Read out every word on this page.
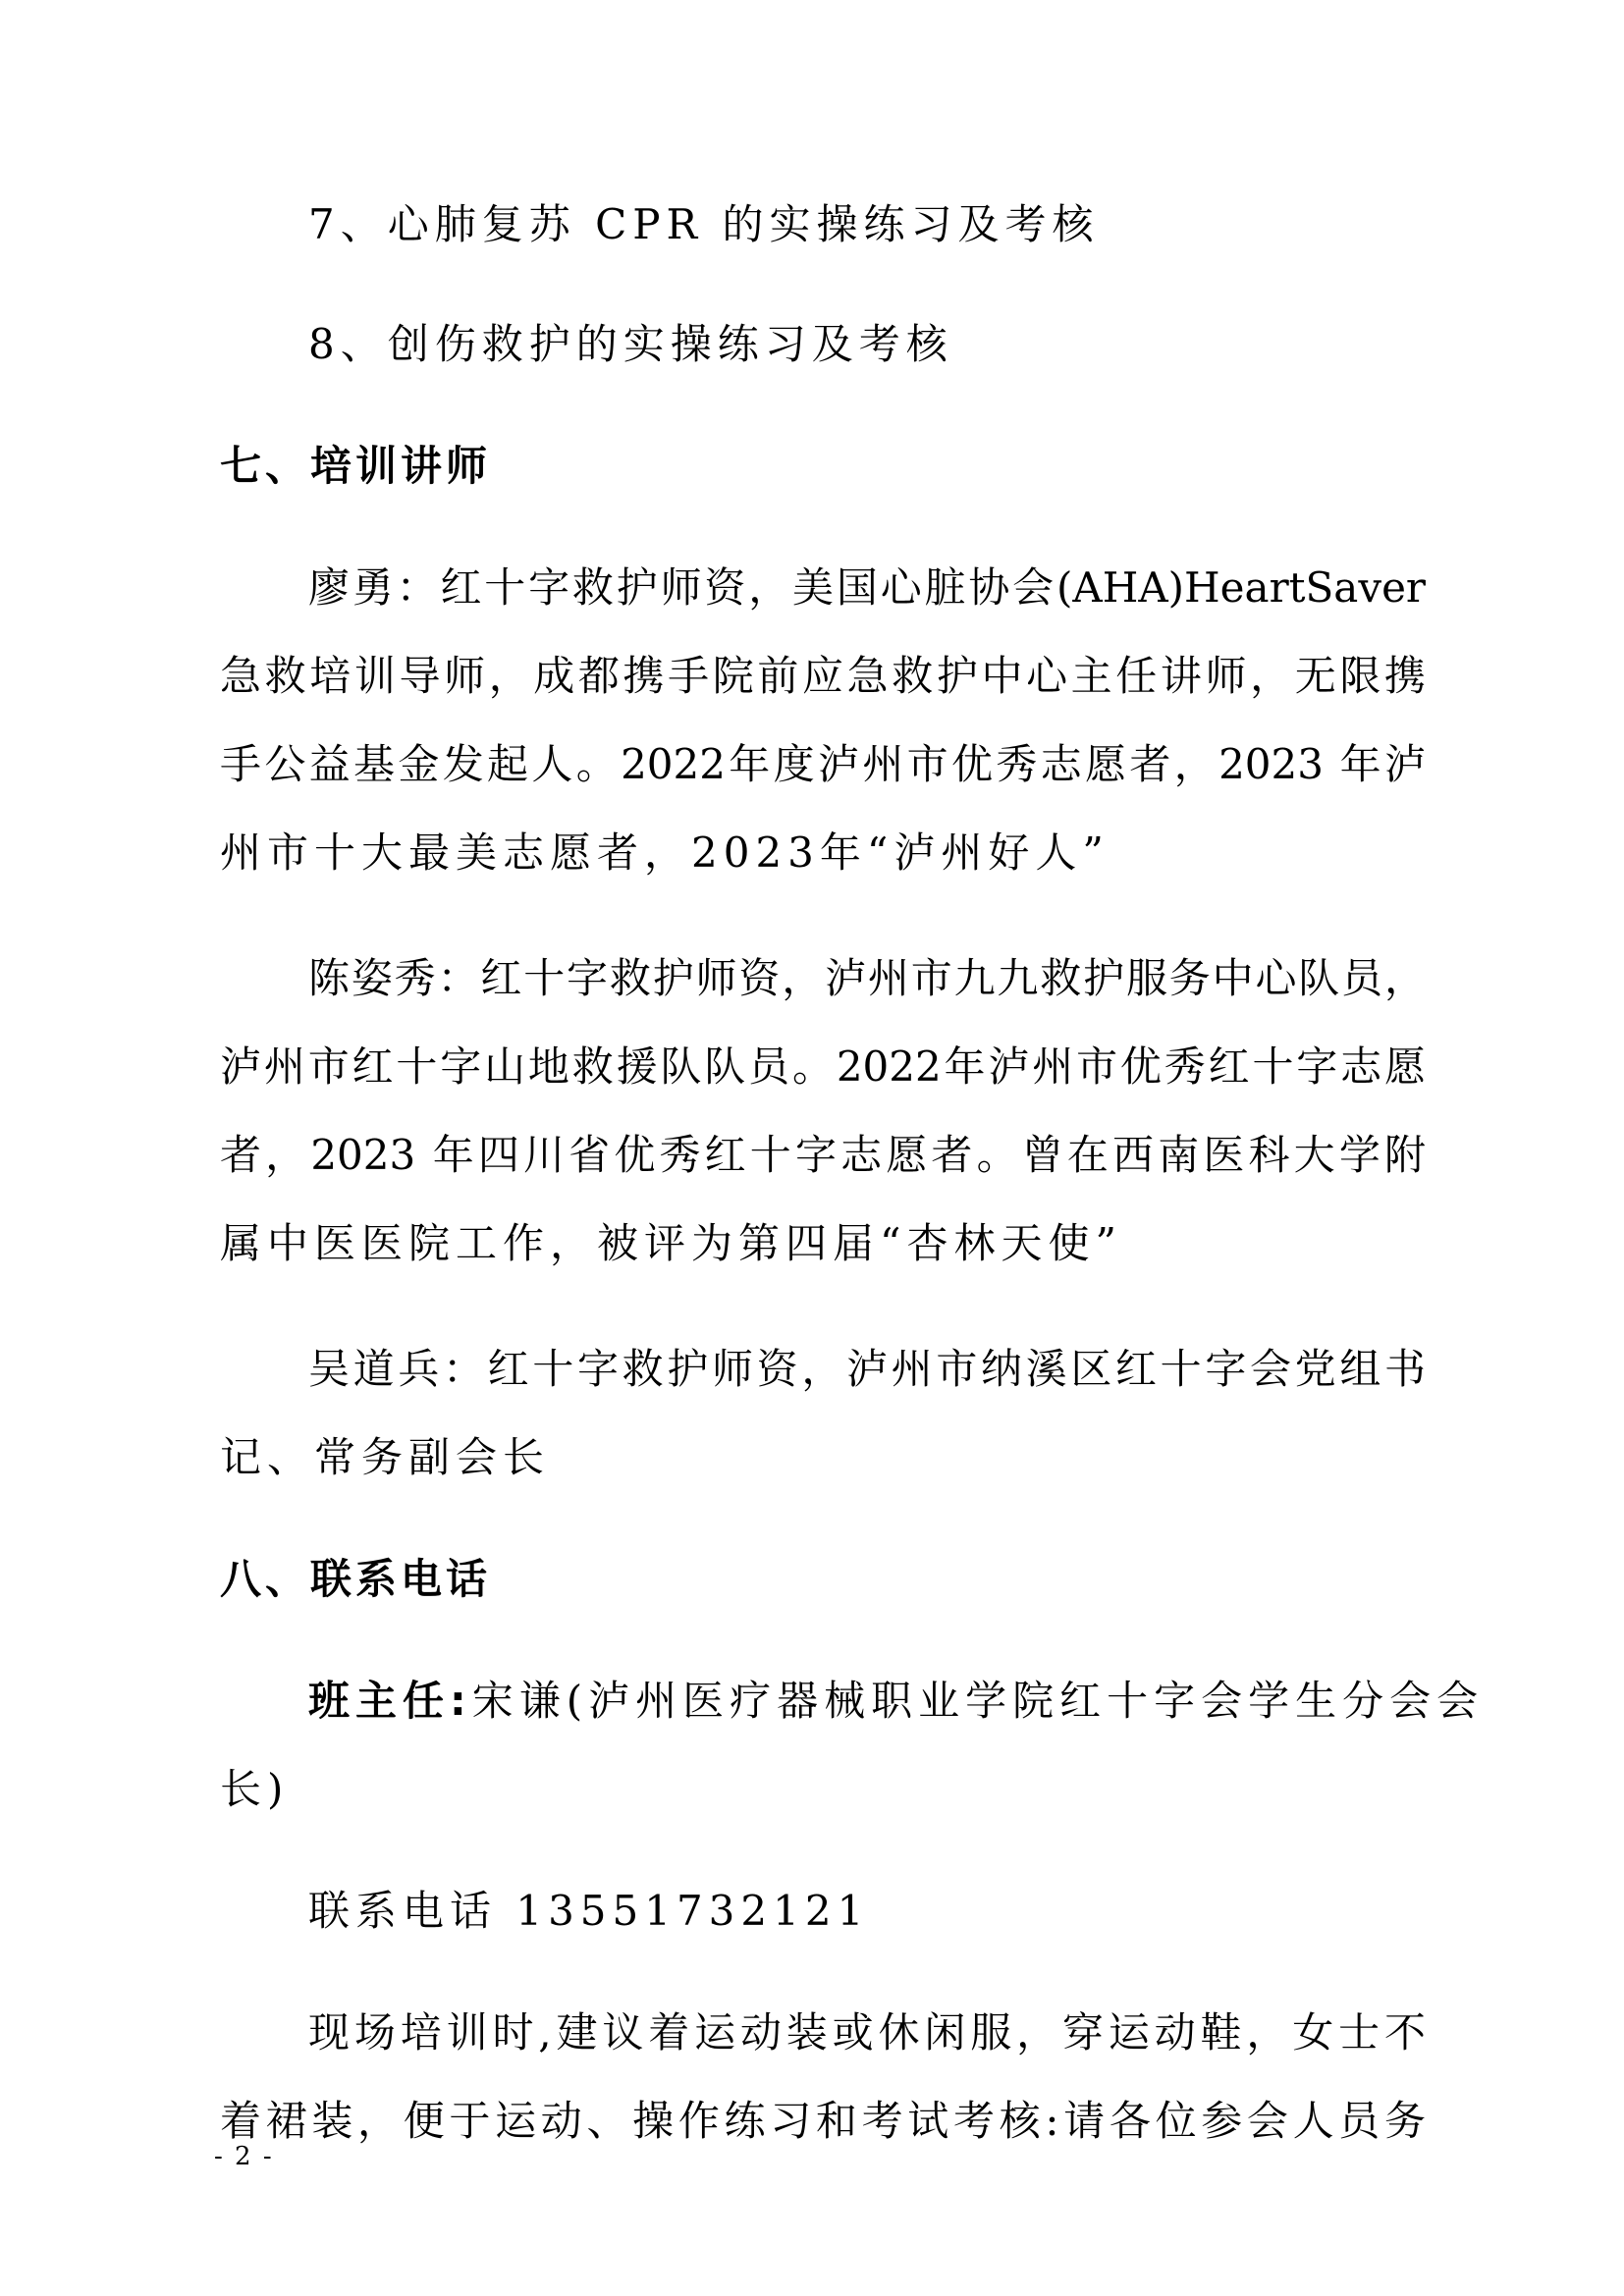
7、心肺复苏 CPR 的实操练习及考核
8、创伤救护的实操练习及考核
七、培训讲师
廖勇：红十字救护师资，美国心脏协会(AHA)HeartSaver
急救培训导师，成都携手院前应急救护中心主任讲师，无限携
手公益基金发起人。2022年度泸州市优秀志愿者，2023 年泸
州市十大最美志愿者，2023年“泸州好人”
陈姿秀：红十字救护师资，泸州市九九救护服务中心队员，
泸州市红十字山地救援队队员。2022年泸州市优秀红十字志愿
者，2023 年四川省优秀红十字志愿者。曾在西南医科大学附
属中医医院工作，被评为第四届“杏林天使”
吴道兵：红十字救护师资，泸州市纳溪区红十字会党组书
记、常务副会长
八、联系电话
班主任:宋谦(泸州医疗器械职业学院红十字会学生分会会
长)
联系电话 13551732121
现场培训时,建议着运动装或休闲服，穿运动鞋，女士不
着裙装，便于运动、操作练习和考试考核:请各位参会人员务
- 2 -
